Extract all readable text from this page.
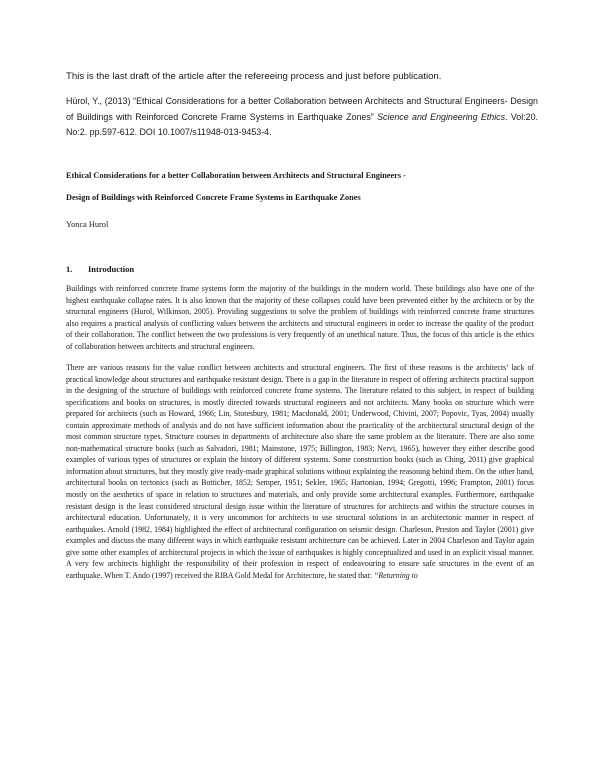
This is the last draft of the article after the refereeing process and just before publication.
Hürol, Y., (2013) “Ethical Considerations for a better Collaboration between Architects and Structural Engineers- Design of Buildings with Reinforced Concrete Frame Systems in Earthquake Zones” Science and Engineering Ethics. Vol:20. No:2. pp.597-612. DOI 10.1007/s11948-013-9453-4.
Ethical Considerations for a better Collaboration between Architects and Structural Engineers -
Design of Buildings with Reinforced Concrete Frame Systems in Earthquake Zones
Yonca Hurol
1. Introduction

Buildings with reinforced concrete frame systems form the majority of the buildings in the modern world. These buildings also have one of the highest earthquake collapse rates. It is also known that the majority of these collapses could have been prevented either by the architects or by the structural engineers (Hurol, Wilkinson, 2005). Providing suggestions to solve the problem of buildings with reinforced concrete frame structures also requires a practical analysis of conflicting values between the architects and structural engineers in order to increase the quality of the product of their collaboration. The conflict between the two professions is very frequently of an unethical nature. Thus, the focus of this article is the ethics of collaboration between architects and structural engineers.

There are various reasons for the value conflict between architects and structural engineers. The first of these reasons is the architects’ lack of practical knowledge about structures and earthquake resistant design. There is a gap in the literature in respect of offering architects practical support in the designing of the structure of buildings with reinforced concrete frame systems. The literature related to this subject, in respect of building specifications and books on structures, is mostly directed towards structural engineers and not architects. Many books on structure which were prepared for architects (such as Howard, 1966; Lin, Stotesbury, 1981; Macdonald, 2001; Underwood, Chivini, 2007; Popovic, Tyas, 2004) usually contain approximate methods of analysis and do not have sufficient information about the practicality of the architectural structural design of the most common structure types. Structure courses in departments of architecture also share the same problem as the literature. There are also some non-mathematical structure books (such as Salvadori, 1981; Mainstone, 1975; Billington, 1983; Nervi, 1965), however they either describe good examples of various types of structures or explain the history of different systems. Some construction books (such as Ching, 2011) give graphical information about structures, but they mostly give ready-made graphical solutions without explaining the reasoning behind them. On the other hand, architectural books on tectonics (such as Botticher, 1852; Semper, 1951; Sekler, 1965; Hartonian, 1994; Gregotti, 1996; Frampton, 2001) focus mostly on the aesthetics of space in relation to structures and materials, and only provide some architectural examples. Furthermore, earthquake resistant design is the least considered structural design issue within the literature of structures for architects and within the structure courses in architectural education. Unfortunately, it is very uncommon for architects to use structural solutions in an architectonic manner in respect of earthquakes. Arnold (1982, 1984) highlighted the effect of architectural configuration on seismic design. Charleson, Preston and Taylor (2001) give examples and discuss the many different ways in which earthquake resistant architecture can be achieved. Later in 2004 Charleson and Taylor again give some other examples of architectural projects in which the issue of earthquakes is highly conceptualized and used in an explicit visual manner. A very few architects highlight the responsibility of their profession in respect of endeavouring to ensure safe structures in the event of an earthquake. When T. Ando (1997) received the RIBA Gold Medal for Architecture, he stated that: “Returning to
